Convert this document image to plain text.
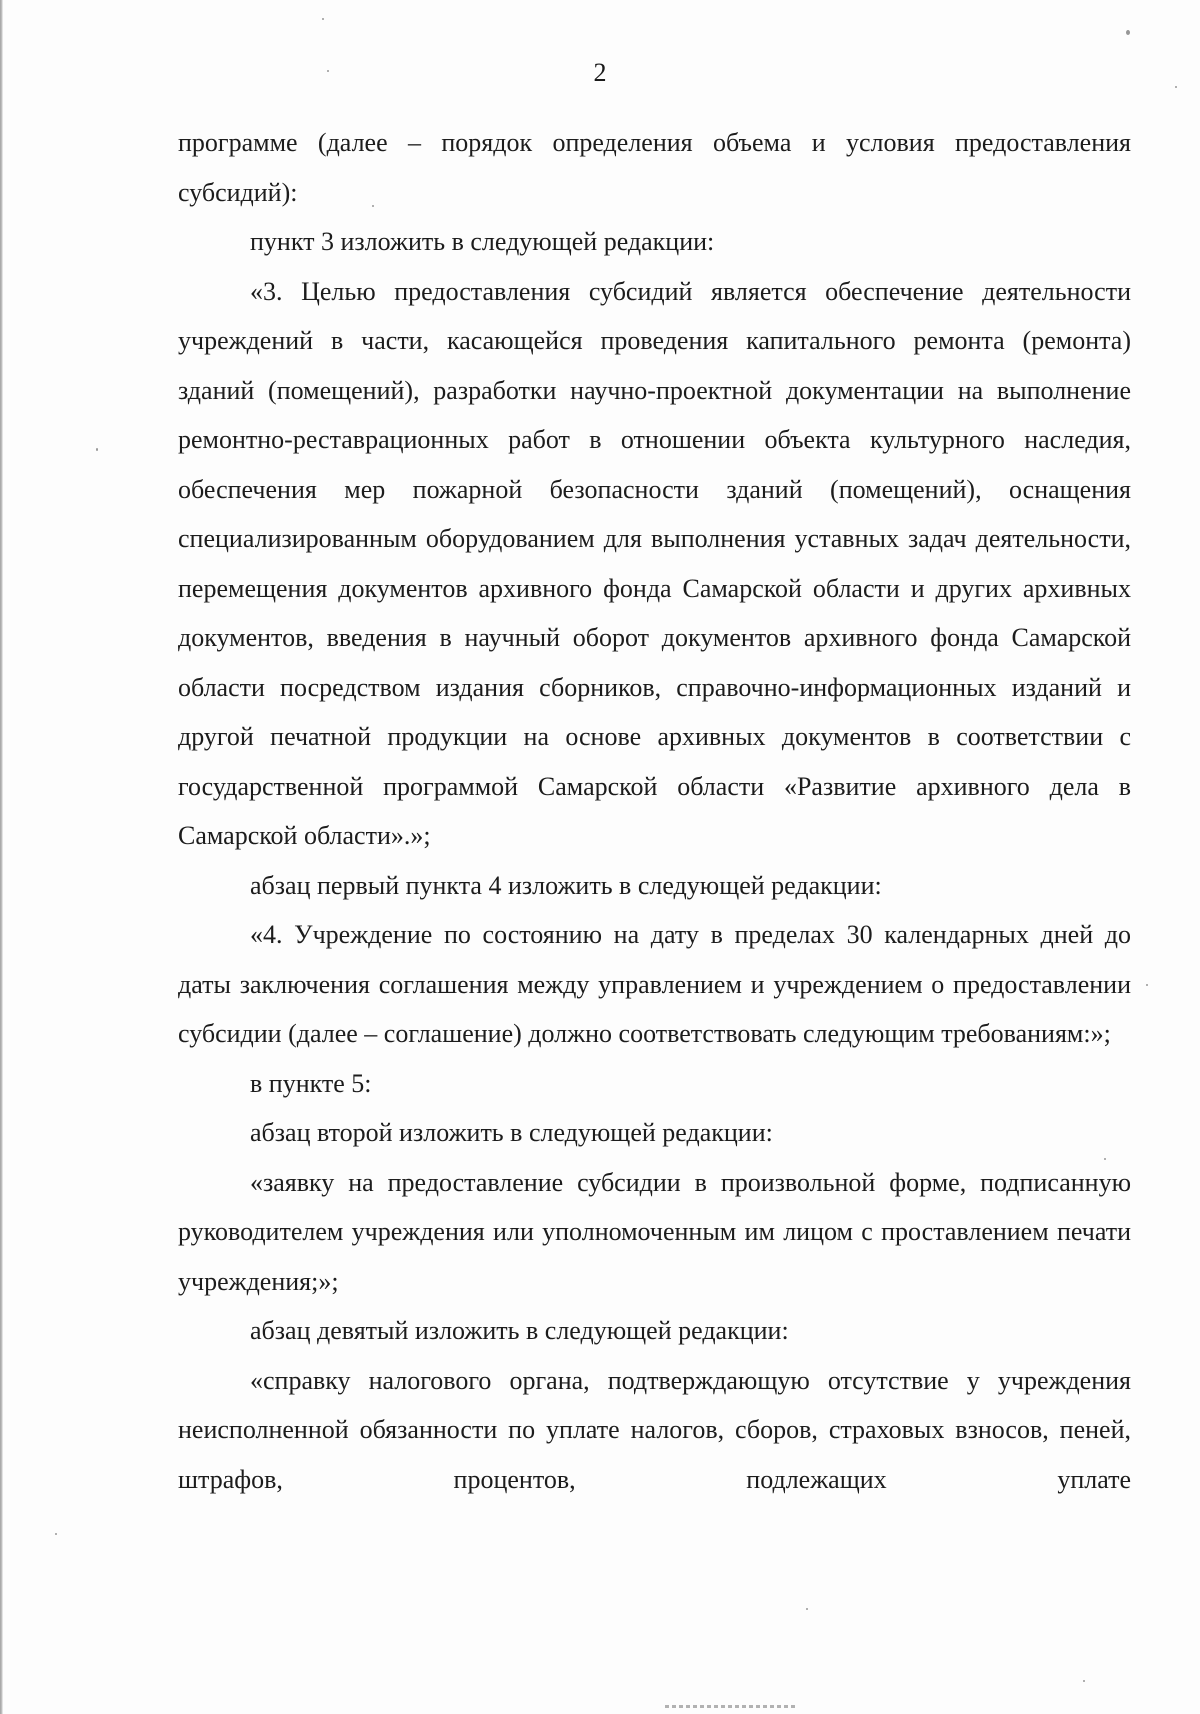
2

программе (далее – порядок определения объема и условия предоставления субсидий):

пункт 3 изложить в следующей редакции:

«3. Целью предоставления субсидий является обеспечение деятельности учреждений в части, касающейся проведения капитального ремонта (ремонта) зданий (помещений), разработки научно-проектной документации на выполнение ремонтно-реставрационных работ в отношении объекта культурного наследия, обеспечения мер пожарной безопасности зданий (помещений), оснащения специализированным оборудованием для выполнения уставных задач деятельности, перемещения документов архивного фонда Самарской области и других архивных документов, введения в научный оборот документов архивного фонда Самарской области посредством издания сборников, справочно-информационных изданий и другой печатной продукции на основе архивных документов в соответствии с государственной программой Самарской области «Развитие архивного дела в Самарской области».»;

абзац первый пункта 4 изложить в следующей редакции:

«4. Учреждение по состоянию на дату в пределах 30 календарных дней до даты заключения соглашения между управлением и учреждением о предоставлении субсидии (далее – соглашение) должно соответствовать следующим требованиям:»;

в пункте 5:

абзац второй изложить в следующей редакции:

«заявку на предоставление субсидии в произвольной форме, подписанную руководителем учреждения или уполномоченным им лицом с проставлением печати учреждения;»;

абзац девятый изложить в следующей редакции:

«справку налогового органа, подтверждающую отсутствие у учреждения неисполненной обязанности по уплате налогов, сборов, страховых взносов, пеней, штрафов, процентов, подлежащих уплате
